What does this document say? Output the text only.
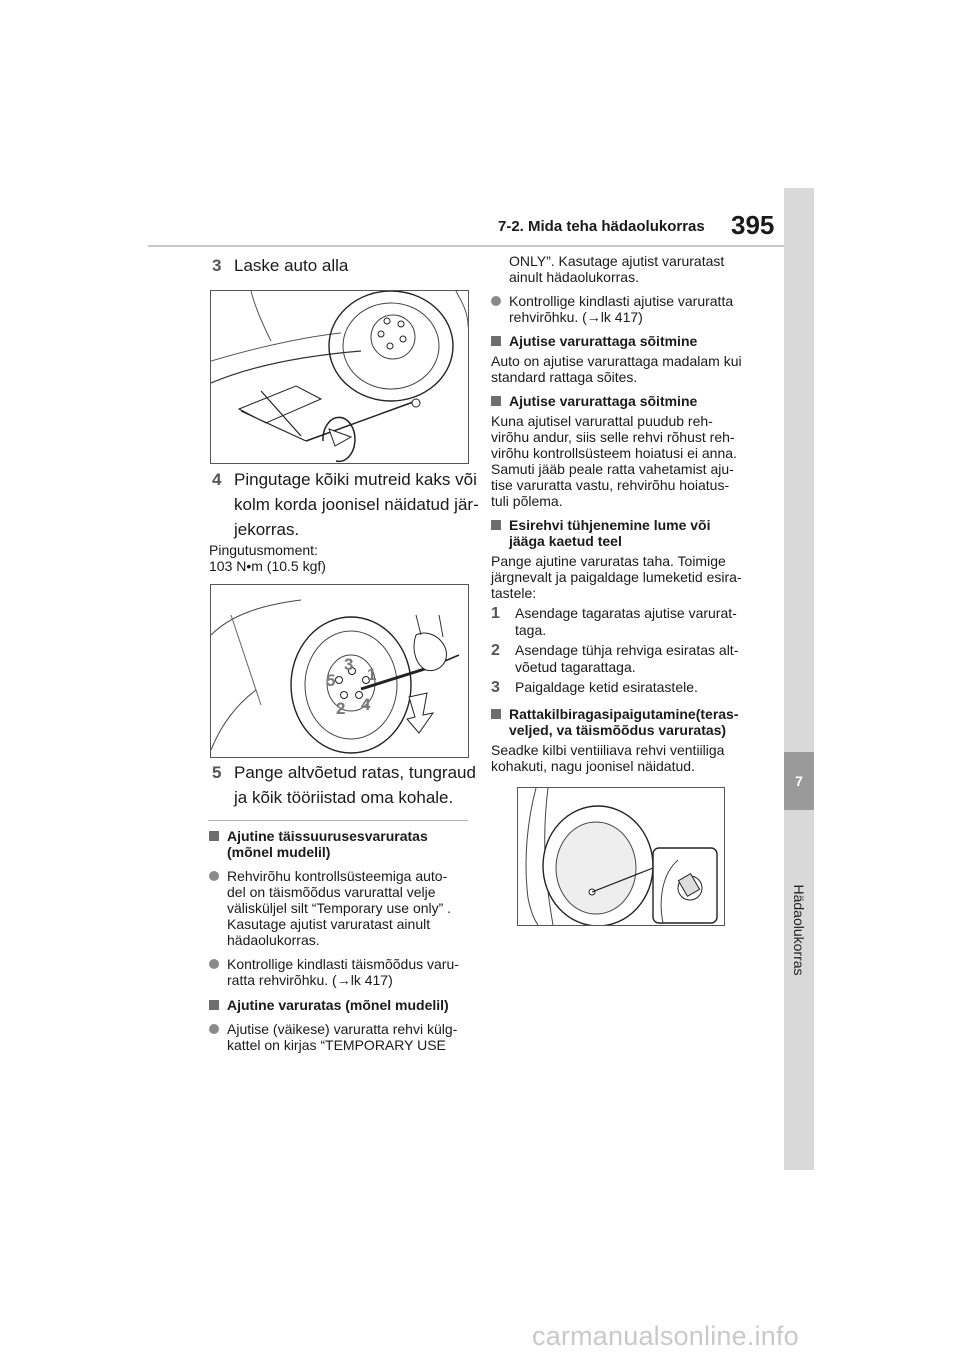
7
Hädaolukorras
7-2. Mida teha hädaolukorras 395
3 Laske auto alla
4 Pingutage kõiki mutreid kaks või
kolm korda joonisel näidatud jär-
jekorras.
Pingutusmoment:
103 N•m (10.5 kgf)
3
1
5
4
2
5 Pange altvõetud ratas, tungraud
ja kõik tööriistad oma kohale.
Ajutine täissuurusesvaruratas
(mõnel mudelil)
Rehvirõhu kontrollsüsteemiga auto-
del on täismõõdus varurattal velje
välisküljel silt “Temporary use only” .
Kasutage ajutist varuratast ainult
hädaolukorras.
Kontrollige kindlasti täismõõdus varu-
ratta rehvirõhku. (→lk 417)
Ajutine varuratas (mõnel mudelil)
Ajutise (väikese) varuratta rehvi külg-
kattel on kirjas “TEMPORARY USE
ONLY”. Kasutage ajutist varuratast
ainult hädaolukorras.
Kontrollige kindlasti ajutise varuratta
rehvirõhku. (→lk 417)
Ajutise varurattaga sõitmine
Auto on ajutise varurattaga madalam kui
standard rattaga sõites.
Ajutise varurattaga sõitmine
Kuna ajutisel varurattal puudub reh-
virõhu andur, siis selle rehvi rõhust reh-
virõhu kontrollsüsteem hoiatusi ei anna.
Samuti jääb peale ratta vahetamist aju-
tise varuratta vastu, rehvirõhu hoiatus-
tuli põlema.
Esirehvi tühjenemine lume või
jääga kaetud teel
Pange ajutine varuratas taha. Toimige
järgnevalt ja paigaldage lumeketid esira-
tastele:
1 Asendage tagaratas ajutise varurat-
taga.
2 Asendage tühja rehviga esiratas alt-
võetud tagarattaga.
3 Paigaldage ketid esiratastele.
Rattakilbiragasipaigutamine(teras-
veljed, va täismõõdus varuratas)
Seadke kilbi ventiiliava rehvi ventiiliga
kohakuti, nagu joonisel näidatud.
carmanualsonline.info
